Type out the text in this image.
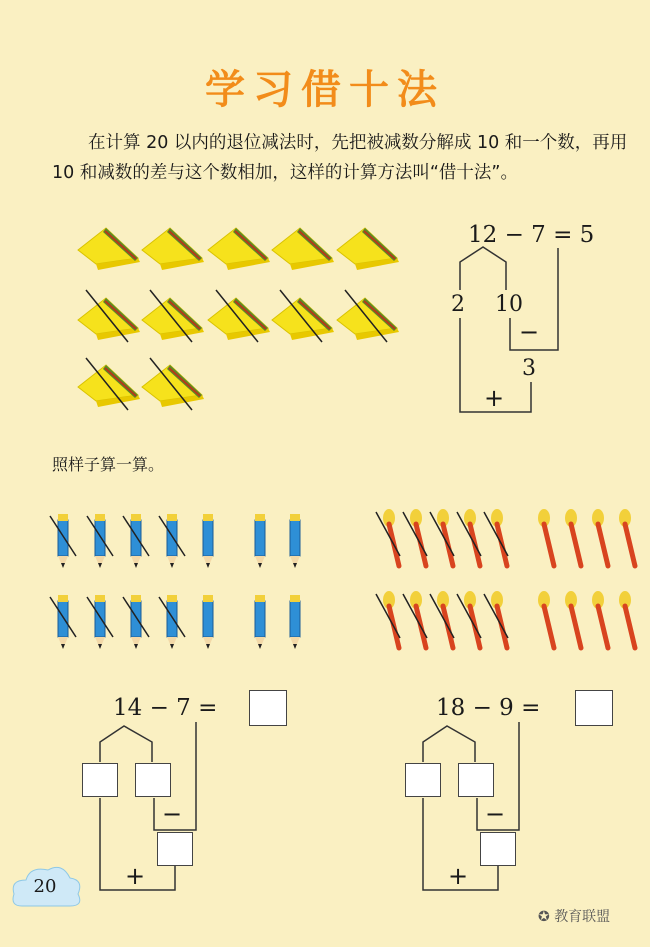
学习借十法
在计算 20 以内的退位减法时，先把被减数分解成 10 和一个数，再用 10 和减数的差与这个数相加，这样的计算方法叫“借十法”。
12 − 7 = 5
2 10
−
3
+
照样子算一算。
14 − 7 =
−
+
18 − 9 =
−
+
20
✪ 教育联盟
